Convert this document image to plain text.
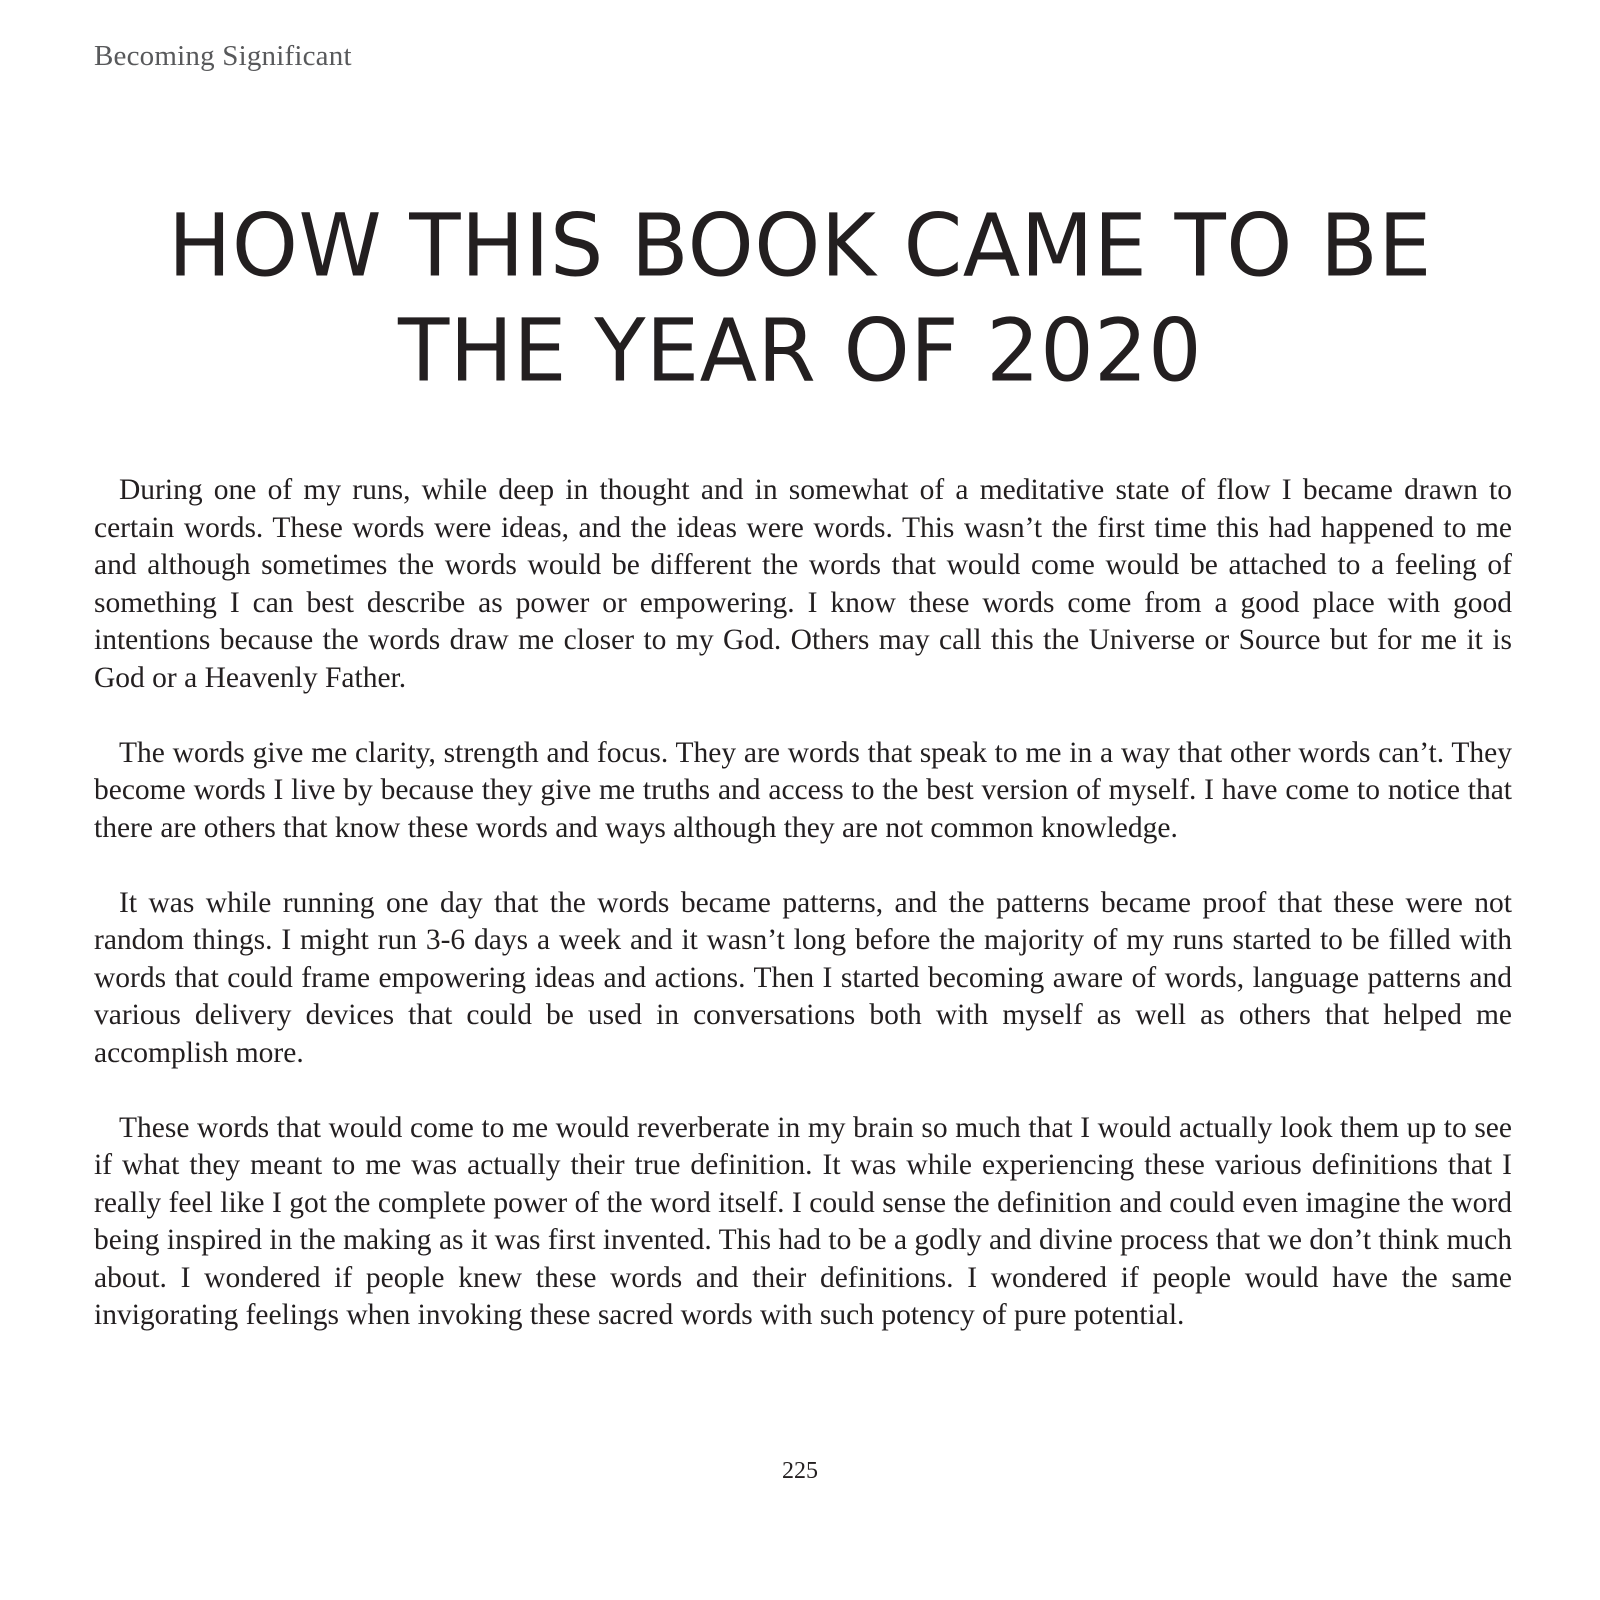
Becoming Significant
HOW THIS BOOK CAME TO BE
THE YEAR OF 2020

During one of my runs, while deep in thought and in somewhat of a meditative state of flow I became drawn to certain words. These words were ideas, and the ideas were words. This wasn’t the first time this had happened to me and although sometimes the words would be different the words that would come would be attached to a feeling of something I can best describe as power or empowering. I know these words come from a good place with good intentions because the words draw me closer to my God. Others may call this the Universe or Source but for me it is God or a Heavenly Father.

The words give me clarity, strength and focus. They are words that speak to me in a way that other words can’t. They become words I live by because they give me truths and access to the best version of myself. I have come to notice that there are others that know these words and ways although they are not common knowledge.

It was while running one day that the words became patterns, and the patterns became proof that these were not random things. I might run 3-6 days a week and it wasn’t long before the majority of my runs started to be filled with words that could frame empowering ideas and actions. Then I started becoming aware of words, language patterns and various delivery devices that could be used in conversations both with myself as well as others that helped me accomplish more.

These words that would come to me would reverberate in my brain so much that I would actually look them up to see if what they meant to me was actually their true definition. It was while experiencing these various definitions that I really feel like I got the complete power of the word itself. I could sense the definition and could even imagine the word being inspired in the making as it was first invented. This had to be a godly and divine process that we don’t think much about. I wondered if people knew these words and their definitions. I wondered if people would have the same invigorating feelings when invoking these sacred words with such potency of pure potential.

225
